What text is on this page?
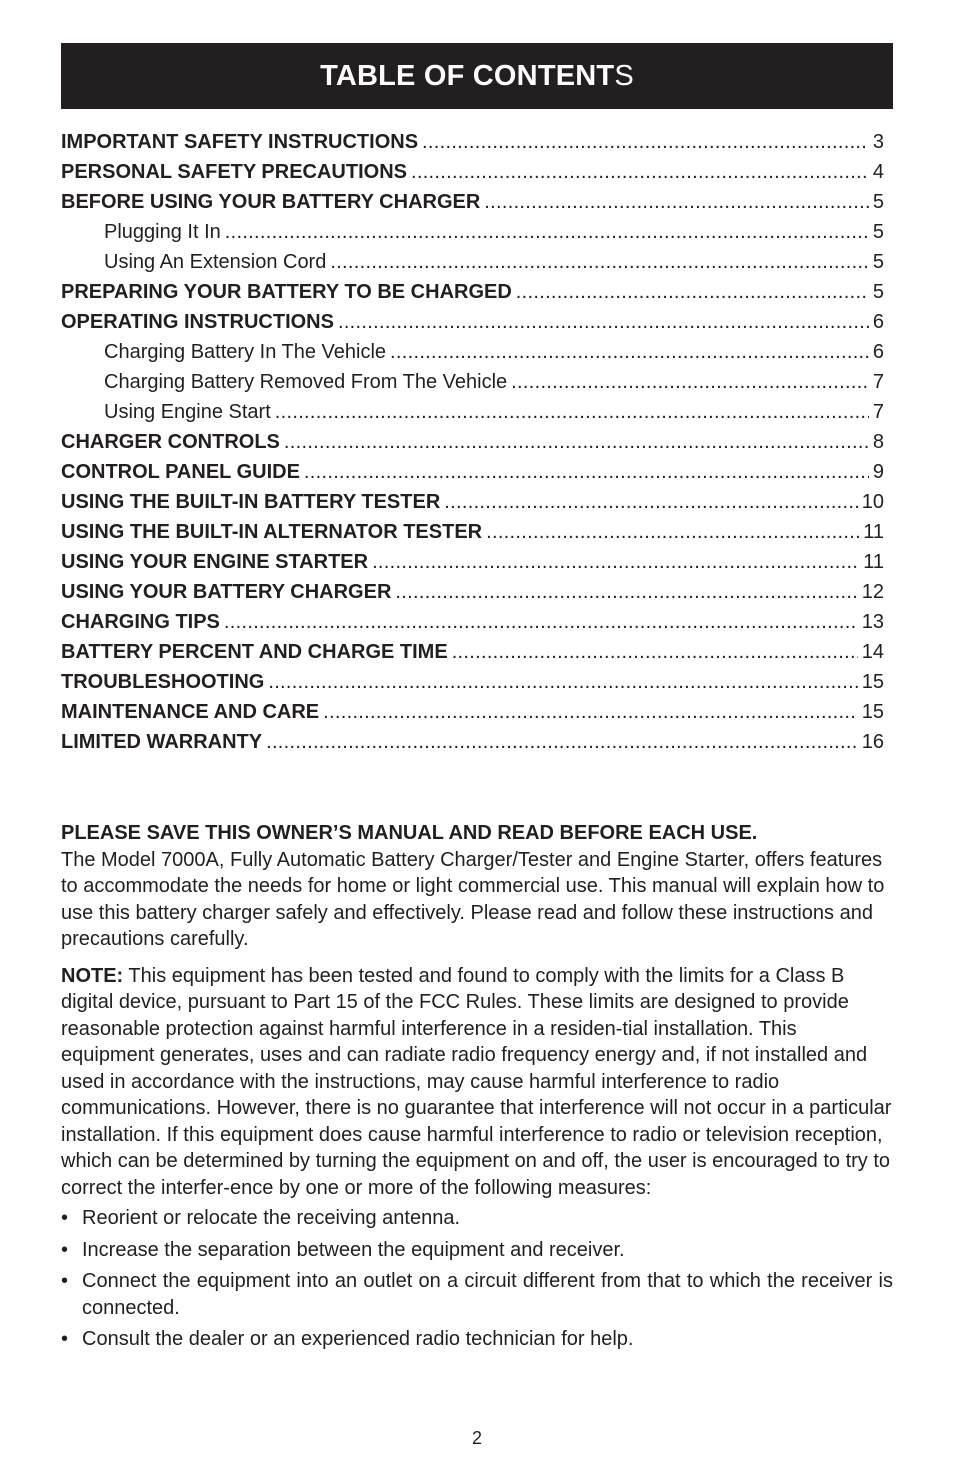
TABLE OF CONTENTS
IMPORTANT SAFETY INSTRUCTIONS .....	3
PERSONAL SAFETY PRECAUTIONS .....	4
BEFORE USING YOUR BATTERY CHARGER .....	5
Plugging It In .....	5
Using An Extension Cord .....	5
PREPARING YOUR BATTERY TO BE CHARGED .....	5
OPERATING INSTRUCTIONS .....	6
Charging Battery In The Vehicle .....	6
Charging Battery Removed From The Vehicle .....	7
Using Engine Start .....	7
CHARGER CONTROLS .....	8
CONTROL PANEL GUIDE .....	9
USING THE BUILT-IN BATTERY TESTER .....	10
USING THE BUILT-IN ALTERNATOR TESTER .....	11
USING YOUR ENGINE STARTER .....	11
USING YOUR BATTERY CHARGER .....	12
CHARGING TIPS .....	13
BATTERY PERCENT AND CHARGE TIME .....	14
TROUBLESHOOTING .....	15
MAINTENANCE AND CARE .....	15
LIMITED WARRANTY .....	16

PLEASE SAVE THIS OWNER’S MANUAL AND READ BEFORE EACH USE.

The Model 7000A, Fully Automatic Battery Charger/Tester and Engine Starter, offers features to accommodate the needs for home or light commercial use. This manual will explain how to use this battery charger safely and effectively. Please read and follow these instructions and precautions carefully.

NOTE: This equipment has been tested and found to comply with the limits for a Class B digital device, pursuant to Part 15 of the FCC Rules. These limits are designed to provide reasonable protection against harmful interference in a residen-tial installation. This equipment generates, uses and can radiate radio frequency energy and, if not installed and used in accordance with the instructions, may cause harmful interference to radio communications. However, there is no guarantee that interference will not occur in a particular installation. If this equipment does cause harmful interference to radio or television reception, which can be determined by turning the equipment on and off, the user is encouraged to try to correct the interfer-ence by one or more of the following measures:

• Reorient or relocate the receiving antenna.
• Increase the separation between the equipment and receiver.
• Connect the equipment into an outlet on a circuit different from that to which the receiver is connected.
• Consult the dealer or an experienced radio technician for help.
2
